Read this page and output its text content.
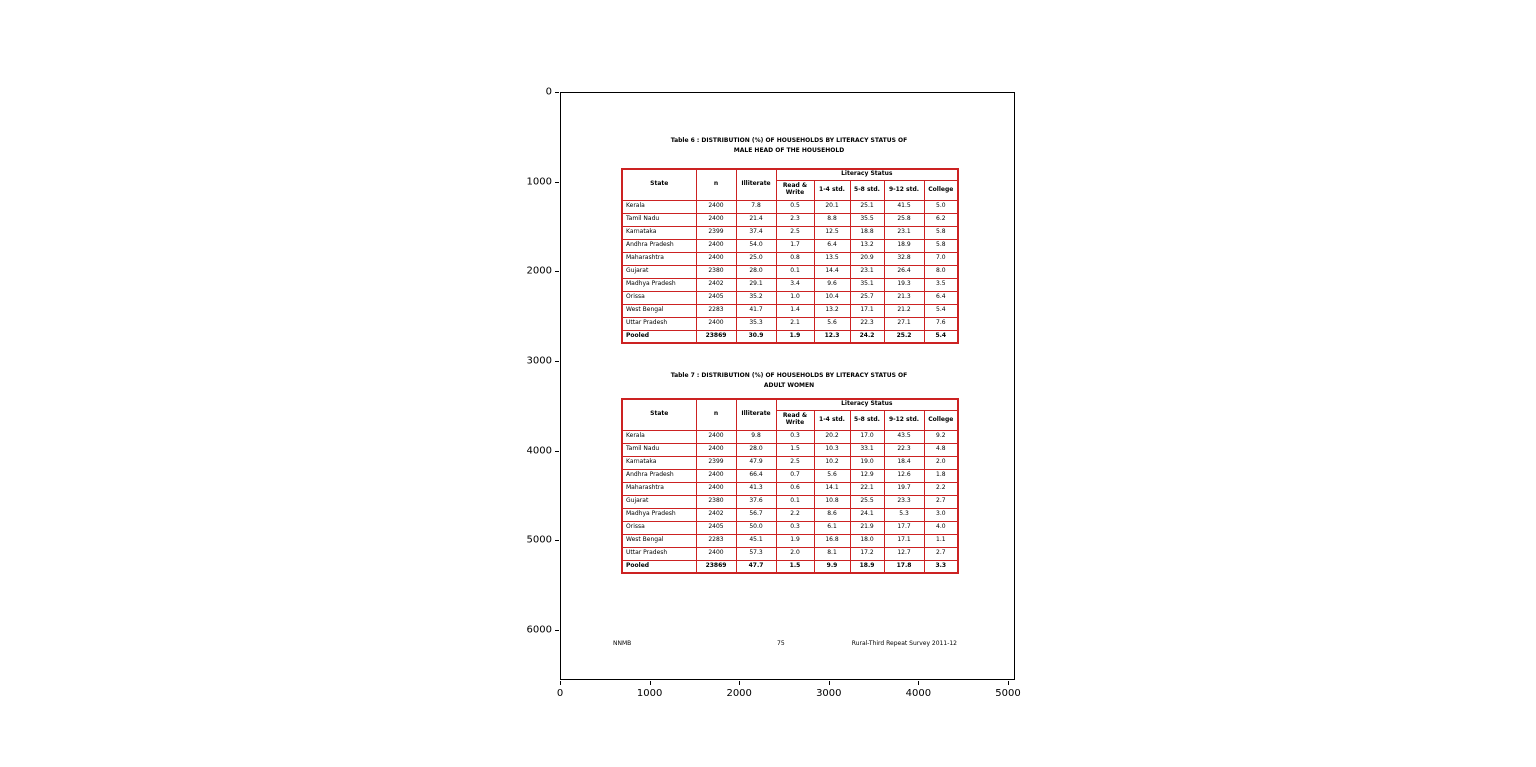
Table 6 : DISTRIBUTION (%) OF HOUSEHOLDS BY LITERACY STATUS OF
MALE HEAD OF THE HOUSEHOLD
State	n	Illiterate	Literacy Status				
			Read & Write	1-4 std.	5-8 std.	9-12 std.	College
Kerala	2400	7.8	0.5	20.1	25.1	41.5	5.0
Tamil Nadu	2400	21.4	2.3	8.8	35.5	25.8	6.2
Karnataka	2399	37.4	2.5	12.5	18.8	23.1	5.8
Andhra Pradesh	2400	54.0	1.7	6.4	13.2	18.9	5.8
Maharashtra	2400	25.0	0.8	13.5	20.9	32.8	7.0
Gujarat	2380	28.0	0.1	14.4	23.1	26.4	8.0
Madhya Pradesh	2402	29.1	3.4	9.6	35.1	19.3	3.5
Orissa	2405	35.2	1.0	10.4	25.7	21.3	6.4
West Bengal	2283	41.7	1.4	13.2	17.1	21.2	5.4
Uttar Pradesh	2400	35.3	2.1	5.6	22.3	27.1	7.6
Pooled	23869	30.9	1.9	12.3	24.2	25.2	5.4
Table 7 : DISTRIBUTION (%) OF HOUSEHOLDS BY LITERACY STATUS OF
ADULT WOMEN
State	n	Illiterate	Literacy Status				
			Read & Write	1-4 std.	5-8 std.	9-12 std.	College
Kerala	2400	9.8	0.3	20.2	17.0	43.5	9.2
Tamil Nadu	2400	28.0	1.5	10.3	33.1	22.3	4.8
Karnataka	2399	47.9	2.5	10.2	19.0	18.4	2.0
Andhra Pradesh	2400	66.4	0.7	5.6	12.9	12.6	1.8
Maharashtra	2400	41.3	0.6	14.1	22.1	19.7	2.2
Gujarat	2380	37.6	0.1	10.8	25.5	23.3	2.7
Madhya Pradesh	2402	56.7	2.2	8.6	24.1	5.3	3.0
Orissa	2405	50.0	0.3	6.1	21.9	17.7	4.0
West Bengal	2283	45.1	1.9	16.8	18.0	17.1	1.1
Uttar Pradesh	2400	57.3	2.0	8.1	17.2	12.7	2.7
Pooled	23869	47.7	1.5	9.9	18.9	17.8	3.3
NNMB	75	Rural-Third Repeat Survey 2011-12
0	1000	2000	3000	4000	5000
0
1000
2000
3000
4000
5000
6000
